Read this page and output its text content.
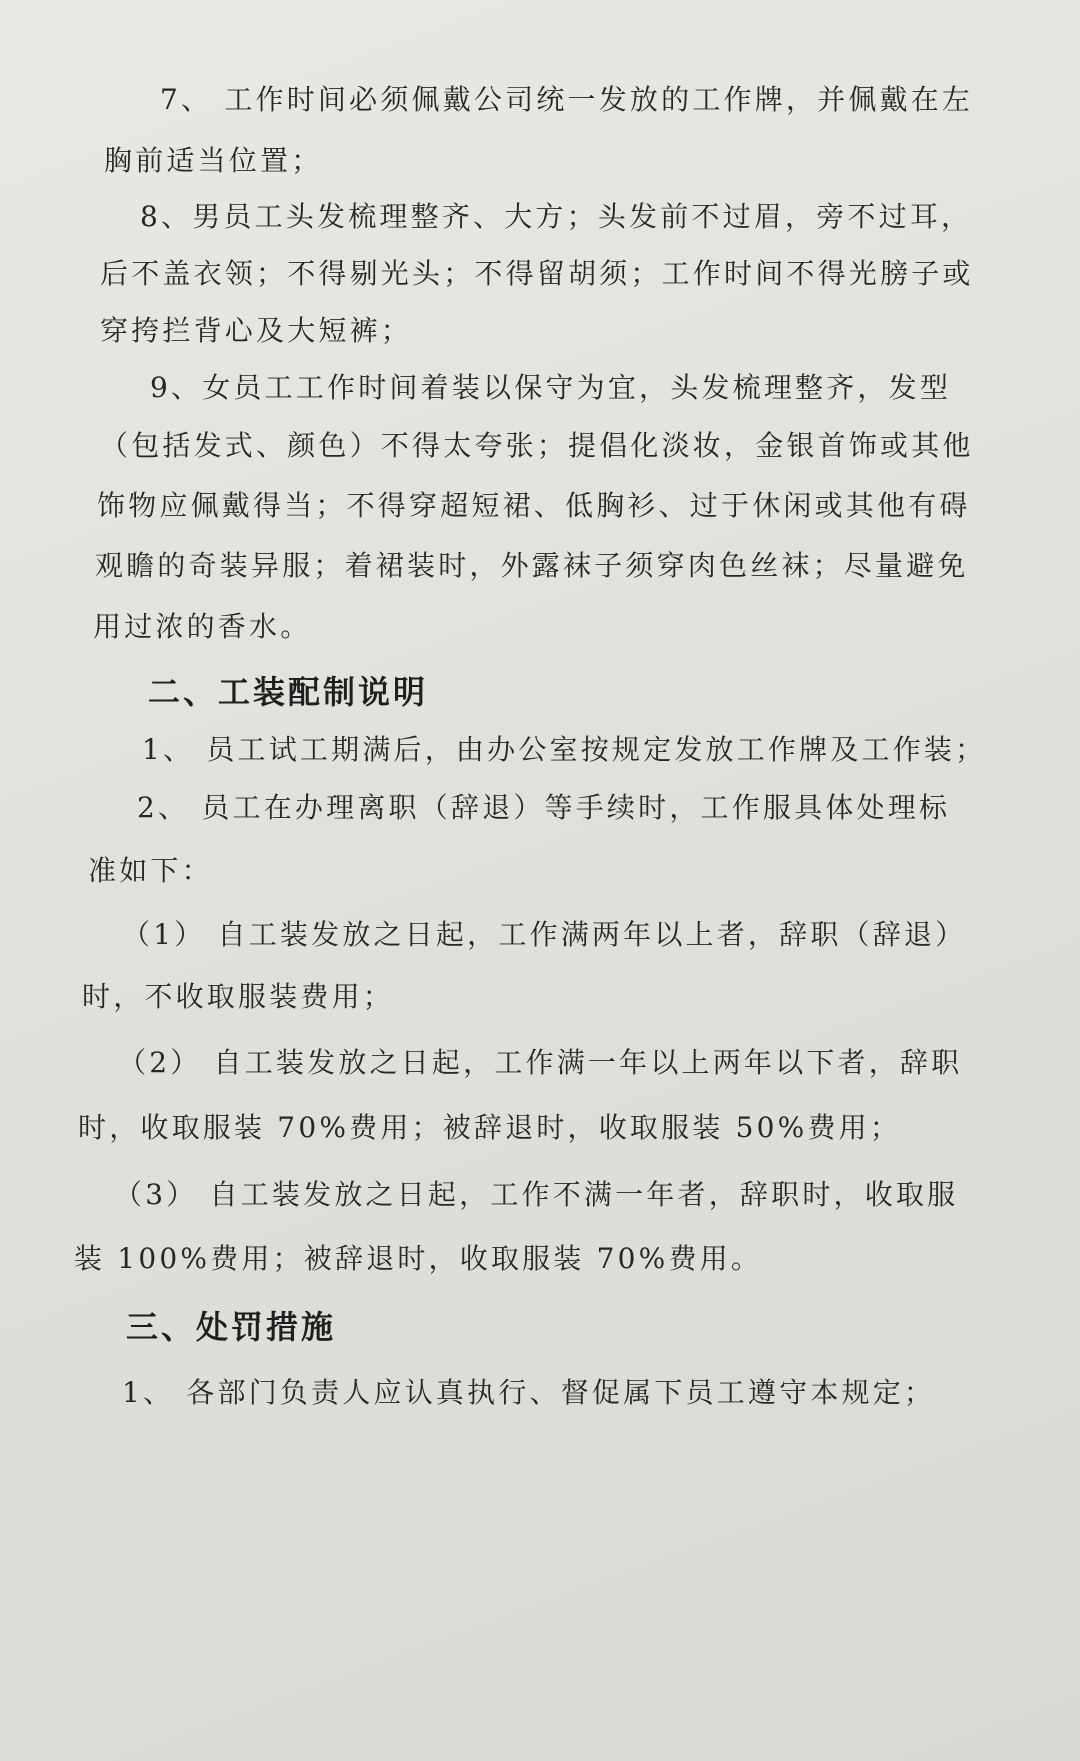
7、 工作时间必须佩戴公司统一发放的工作牌，并佩戴在左
胸前适当位置；
8、男员工头发梳理整齐、大方；头发前不过眉，旁不过耳，
后不盖衣领；不得剔光头；不得留胡须；工作时间不得光膀子或
穿挎拦背心及大短裤；
9、女员工工作时间着装以保守为宜，头发梳理整齐，发型
（包括发式、颜色）不得太夸张；提倡化淡妆，金银首饰或其他
饰物应佩戴得当；不得穿超短裙、低胸衫、过于休闲或其他有碍
观瞻的奇装异服；着裙装时，外露袜子须穿肉色丝袜；尽量避免
用过浓的香水。
二、工装配制说明
1、 员工试工期满后，由办公室按规定发放工作牌及工作装；
2、 员工在办理离职（辞退）等手续时，工作服具体处理标
准如下：
（1） 自工装发放之日起，工作满两年以上者，辞职（辞退）
时，不收取服装费用；
（2） 自工装发放之日起，工作满一年以上两年以下者，辞职
时，收取服装 70%费用；被辞退时，收取服装 50%费用；
（3） 自工装发放之日起，工作不满一年者，辞职时，收取服
装 100%费用；被辞退时，收取服装 70%费用。
三、处罚措施
1、 各部门负责人应认真执行、督促属下员工遵守本规定；
